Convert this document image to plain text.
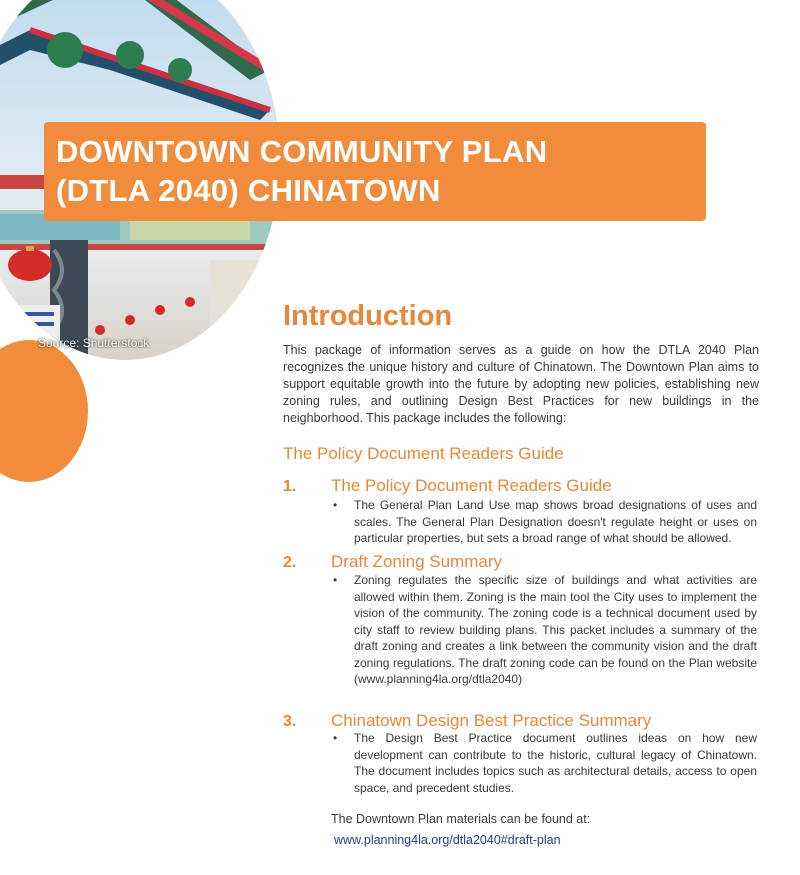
Source: Shutterstock
DOWNTOWN COMMUNITY PLAN
(DTLA 2040) CHINATOWN
Introduction
This package of information serves as a guide on how the DTLA 2040 Plan recognizes the unique history and culture of Chinatown. The Downtown Plan aims to support equitable growth into the future by adopting new policies, establishing new zoning rules, and outlining Design Best Practices for new buildings in the neighborhood. This package includes the following:
The Policy Document Readers Guide
1. The Policy Document Readers Guide
• The General Plan Land Use map shows broad designations of uses and scales. The General Plan Designation doesn't regulate height or uses on particular properties, but sets a broad range of what should be allowed.
2. Draft Zoning Summary
• Zoning regulates the specific size of buildings and what activities are allowed within them. Zoning is the main tool the City uses to implement the vision of the community. The zoning code is a technical document used by city staff to review building plans. This packet includes a summary of the draft zoning and creates a link between the community vision and the draft zoning regulations. The draft zoning code can be found on the Plan website (www.planning4la.org/dtla2040)
3. Chinatown Design Best Practice Summary
• The Design Best Practice document outlines ideas on how new development can contribute to the historic, cultural legacy of Chinatown. The document includes topics such as architectural details, access to open space, and precedent studies.
The Downtown Plan materials can be found at:
www.planning4la.org/dtla2040#draft-plan
